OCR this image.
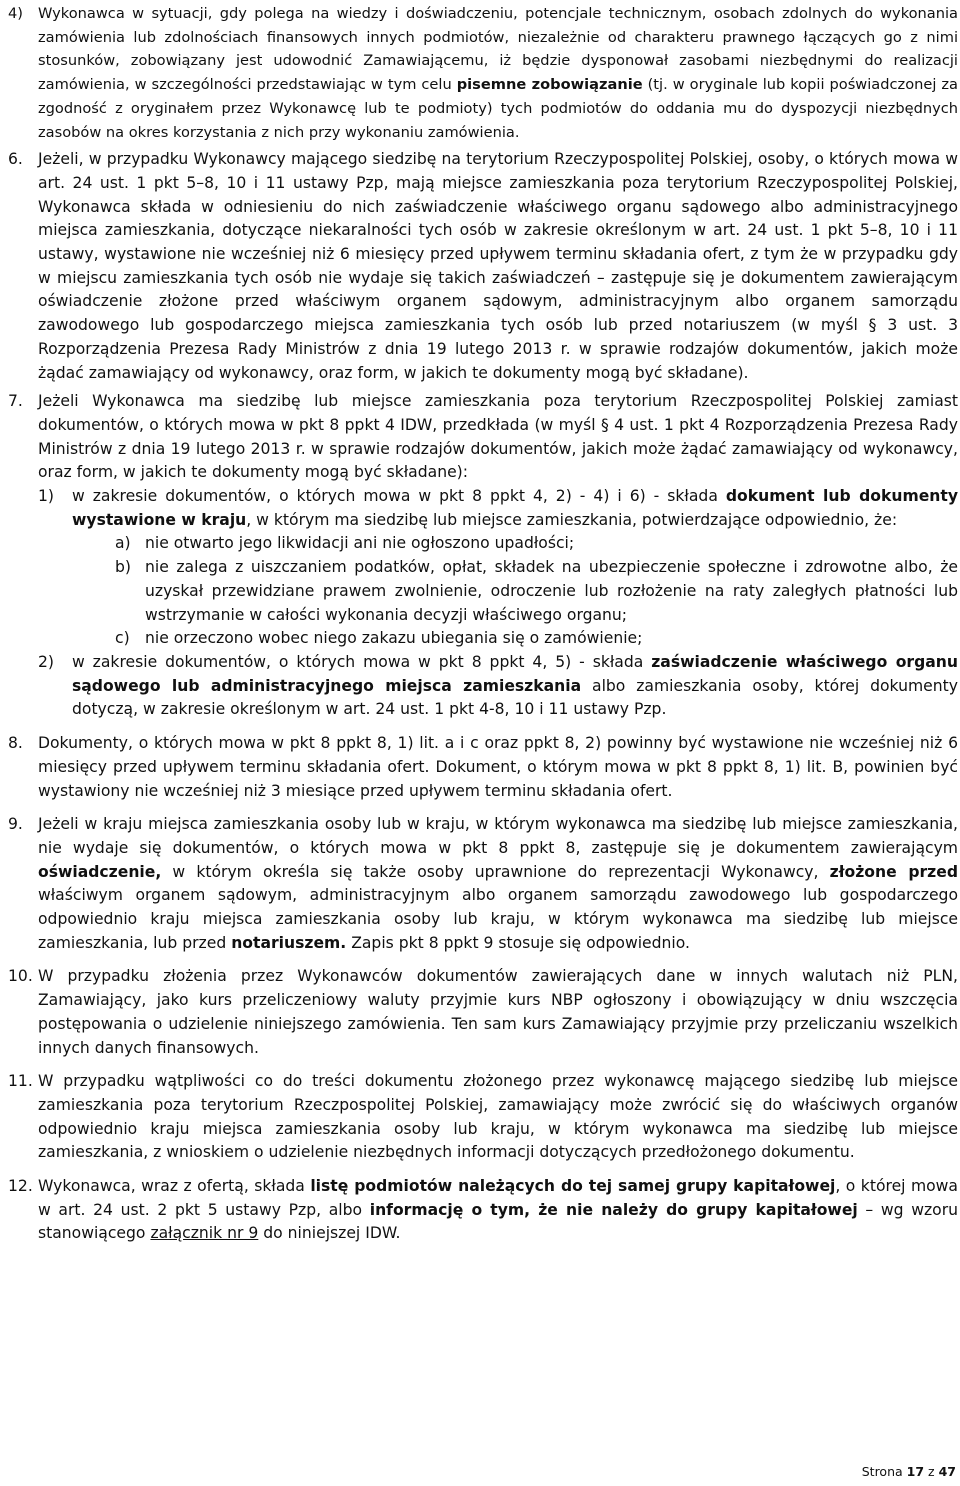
4)	Wykonawca w sytuacji, gdy polega na wiedzy i doświadczeniu, potencjale technicznym, osobach zdolnych do wykonania zamówienia lub zdolnościach finansowych innych podmiotów, niezależnie od charakteru prawnego łączących go z nimi stosunków, zobowiązany jest udowodnić Zamawiającemu, iż będzie dysponował zasobami niezbędnymi do realizacji zamówienia, w szczególności przedstawiając w tym celu pisemne zobowiązanie (tj. w oryginale lub kopii poświadczonej za zgodność z oryginałem przez Wykonawcę lub te podmioty) tych podmiotów do oddania mu do dyspozycji niezbędnych zasobów na okres korzystania z nich przy wykonaniu zamówienia.
6. Jeżeli, w przypadku Wykonawcy mającego siedzibę na terytorium Rzeczypospolitej Polskiej, osoby, o których mowa w art. 24 ust. 1 pkt 5–8, 10 i 11 ustawy Pzp, mają miejsce zamieszkania poza terytorium Rzeczypospolitej Polskiej, Wykonawca składa w odniesieniu do nich zaświadczenie właściwego organu sądowego albo administracyjnego miejsca zamieszkania, dotyczące niekaralności tych osób w zakresie określonym w art. 24 ust. 1 pkt 5–8, 10 i 11 ustawy, wystawione nie wcześniej niż 6 miesięcy przed upływem terminu składania ofert, z tym że w przypadku gdy w miejscu zamieszkania tych osób nie wydaje się takich zaświadczeń – zastępuje się je dokumentem zawierającym oświadczenie złożone przed właściwym organem sądowym, administracyjnym albo organem samorządu zawodowego lub gospodarczego miejsca zamieszkania tych osób lub przed notariuszem (w myśl § 3 ust. 3 Rozporządzenia Prezesa Rady Ministrów z dnia 19 lutego 2013 r. w sprawie rodzajów dokumentów, jakich może żądać zamawiający od wykonawcy, oraz form, w jakich te dokumenty mogą być składane).
7. Jeżeli Wykonawca ma siedzibę lub miejsce zamieszkania poza terytorium Rzeczpospolitej Polskiej zamiast dokumentów, o których mowa w pkt 8 ppkt 4 IDW, przedkłada (w myśl § 4 ust. 1 pkt 4 Rozporządzenia Prezesa Rady Ministrów z dnia 19 lutego 2013 r. w sprawie rodzajów dokumentów, jakich może żądać zamawiający od wykonawcy, oraz form, w jakich te dokumenty mogą być składane):
1)	w zakresie dokumentów, o których mowa w pkt 8 ppkt 4, 2) - 4) i 6) - składa dokument lub dokumenty wystawione w kraju, w którym ma siedzibę lub miejsce zamieszkania, potwierdzające odpowiednio, że:
a) nie otwarto jego likwidacji ani nie ogłoszono upadłości;
b) nie zalega z uiszczaniem podatków, opłat, składek na ubezpieczenie społeczne i zdrowotne albo, że uzyskał przewidziane prawem zwolnienie, odroczenie lub rozłożenie na raty zaległych płatności lub wstrzymanie w całości wykonania decyzji właściwego organu;
c) nie orzeczono wobec niego zakazu ubiegania się o zamówienie;
2)	w zakresie dokumentów, o których mowa w pkt 8 ppkt 4, 5) - składa zaświadczenie właściwego organu sądowego lub administracyjnego miejsca zamieszkania albo zamieszkania osoby, której dokumenty dotyczą, w zakresie określonym w art. 24 ust. 1 pkt 4-8, 10 i 11 ustawy Pzp.
8. Dokumenty, o których mowa w pkt 8 ppkt 8, 1) lit. a i c oraz ppkt 8, 2) powinny być wystawione nie wcześniej niż 6 miesięcy przed upływem terminu składania ofert. Dokument, o którym mowa w pkt 8 ppkt 8, 1) lit. B, powinien być wystawiony nie wcześniej niż 3 miesiące przed upływem terminu składania ofert.
9. Jeżeli w kraju miejsca zamieszkania osoby lub w kraju, w którym wykonawca ma siedzibę lub miejsce zamieszkania, nie wydaje się dokumentów, o których mowa w pkt 8 ppkt 8, zastępuje się je dokumentem zawierającym oświadczenie, w którym określa się także osoby uprawnione do reprezentacji Wykonawcy, złożone przed właściwym organem sądowym, administracyjnym albo organem samorządu zawodowego lub gospodarczego odpowiednio kraju miejsca zamieszkania osoby lub kraju, w którym wykonawca ma siedzibę lub miejsce zamieszkania, lub przed notariuszem. Zapis pkt 8 ppkt 9 stosuje się odpowiednio.
10. W przypadku złożenia przez Wykonawców dokumentów zawierających dane w innych walutach niż PLN, Zamawiający, jako kurs przeliczeniowy waluty przyjmie kurs NBP ogłoszony i obowiązujący w dniu wszczęcia postępowania o udzielenie niniejszego zamówienia. Ten sam kurs Zamawiający przyjmie przy przeliczaniu wszelkich innych danych finansowych.
11. W przypadku wątpliwości co do treści dokumentu złożonego przez wykonawcę mającego siedzibę lub miejsce zamieszkania poza terytorium Rzeczpospolitej Polskiej, zamawiający może zwrócić się do właściwych organów odpowiednio kraju miejsca zamieszkania osoby lub kraju, w którym wykonawca ma siedzibę lub miejsce zamieszkania, z wnioskiem o udzielenie niezbędnych informacji dotyczących przedłożonego dokumentu.
12. Wykonawca, wraz z ofertą, składa listę podmiotów należących do tej samej grupy kapitałowej, o której mowa w art. 24 ust. 2 pkt 5 ustawy Pzp, albo informację o tym, że nie należy do grupy kapitałowej – wg wzoru stanowiącego załącznik nr 9 do niniejszej IDW.
Strona 17 z 47
